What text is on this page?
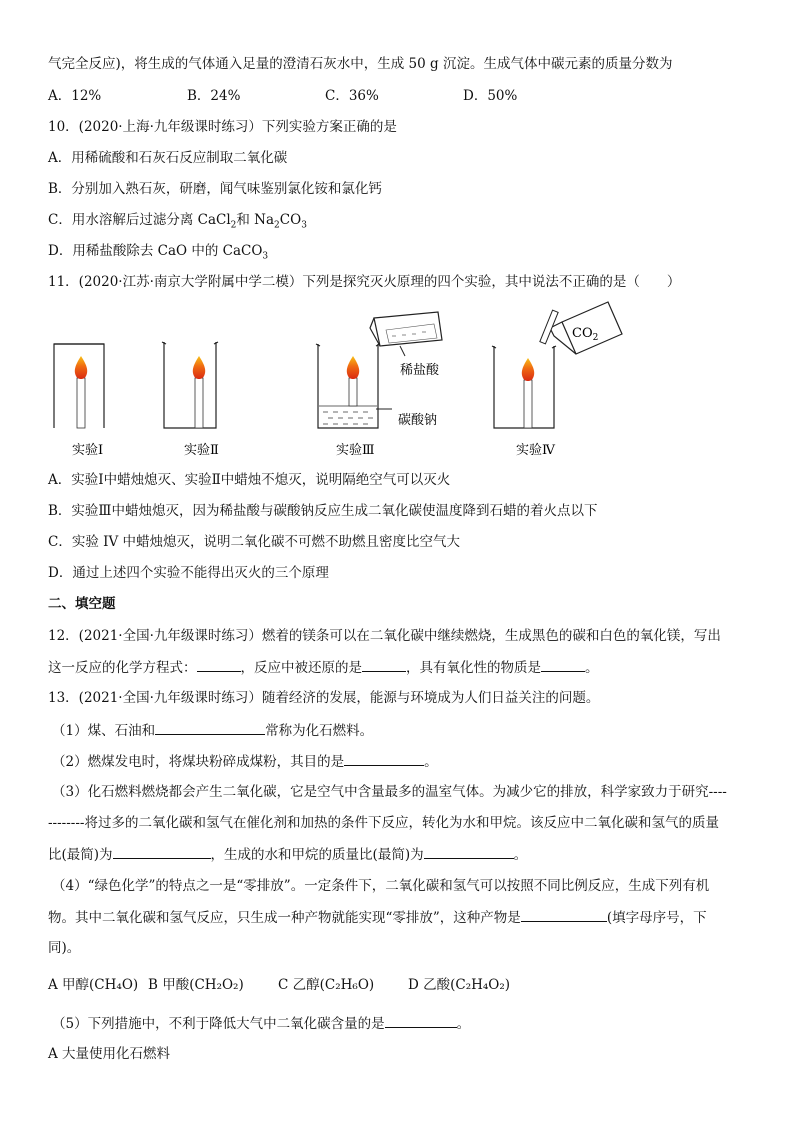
气完全反应)，将生成的气体通入足量的澄清石灰水中，生成 50 g 沉淀。生成气体中碳元素的质量分数为
A．12%	B．24%	C．36%	D．50%
10．(2020·上海·九年级课时练习）下列实验方案正确的是
A．用稀硫酸和石灰石反应制取二氧化碳
B．分别加入熟石灰，研磨，闻气味鉴别氯化铵和氯化钙
C．用水溶解后过滤分离 CaCl$_2$和 $Na_2CO_3$
D．用稀盐酸除去 CaO 中的 CaCO$_3$
11．(2020·江苏·南京大学附属中学二模）下列是探究灭火原理的四个实验，其中说法不正确的是（　　）
稀盐酸
碳酸钠
$CO_2$
实验Ⅰ	实验Ⅱ	实验Ⅲ	实验Ⅳ
A．实验Ⅰ中蜡烛熄灭、实验Ⅱ中蜡烛不熄灭，说明隔绝空气可以灭火
B．实验Ⅲ中蜡烛熄灭，因为稀盐酸与碳酸钠反应生成二氧化碳使温度降到石蜡的着火点以下
C．实验 IV 中蜡烛熄灭，说明二氧化碳不可燃不助燃且密度比空气大
D．通过上述四个实验不能得出灭火的三个原理
二、填空题
12．(2021·全国·九年级课时练习）燃着的镁条可以在二氧化碳中继续燃烧，生成黑色的碳和白色的氧化镁，写出
这一反应的化学方程式：	，反应中被还原的是	，具有氧化性的物质是	。
13．(2021·全国·九年级课时练习）随着经济的发展，能源与环境成为人们日益关注的问题。
（1）煤、石油和	常称为化石燃料。
（2）燃煤发电时，将煤块粉碎成煤粉，其目的是	。
（3）化石燃料燃烧都会产生二氧化碳，它是空气中含量最多的温室气体。为减少它的排放，科学家致力于研究----
--------将过多的二氧化碳和氢气在催化剂和加热的条件下反应，转化为水和甲烷。该反应中二氧化碳和氢气的质量
比(最简)为	，生成的水和甲烷的质量比(最简)为	。
（4）“绿色化学”的特点之一是“零排放”。一定条件下，二氧化碳和氢气可以按照不同比例反应，生成下列有机
物。其中二氧化碳和氢气反应，只生成一种产物就能实现“零排放”，这种产物是	(填字母序号，下
同)。
A 甲醇(CH₄O) B 甲酸(CH₂O₂)	C 乙醇(C₂H₆O)	D 乙酸(C₂H₄O₂)
（5）下列措施中，不利于降低大气中二氧化碳含量的是	。
A 大量使用化石燃料
